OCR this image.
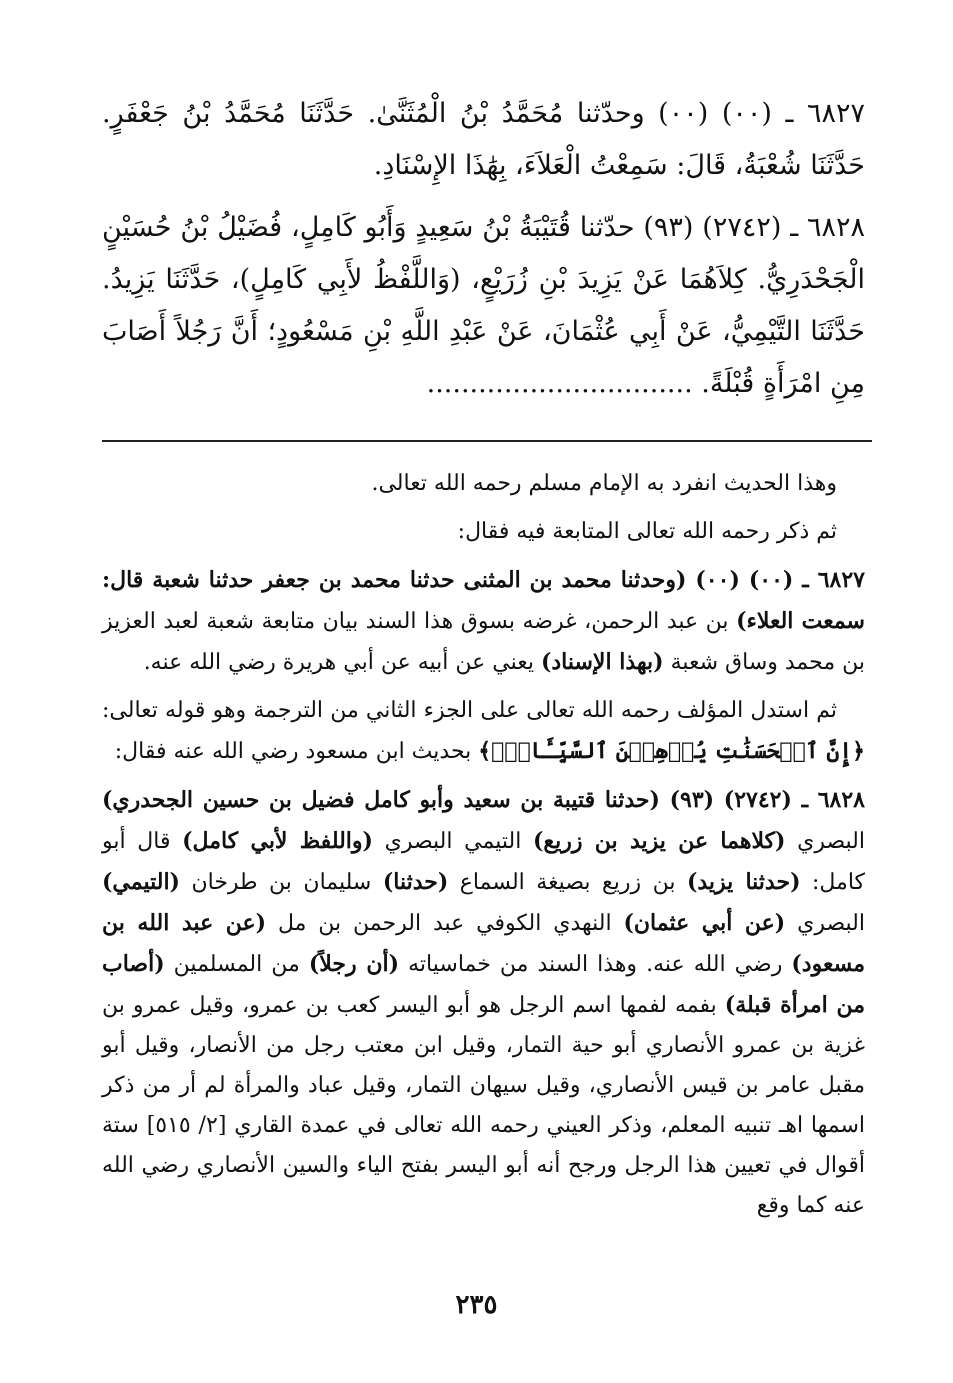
٦٨٢٧ ـ (٠٠) (٠٠) وحدّثنا مُحَمَّدُ بْنُ الْمُثَنَّىٰ. حَدَّثَنَا مُحَمَّدُ بْنُ جَعْفَرٍ. حَدَّثَنَا شُعْبَةُ، قَالَ: سَمِعْتُ الْعَلاَءَ، بِهَٰذَا الإِسْنَادِ.

٦٨٢٨ ـ (٢٧٤٢) (٩٣) حدّثنا قُتَيْبَةُ بْنُ سَعِيدٍ وَأَبُو كَامِلٍ، فُضَيْلُ بْنُ حُسَيْنٍ الْجَحْدَرِيُّ. كِلاَهُمَا عَنْ يَزِيدَ بْنِ زُرَيْعٍ، (وَاللَّفْظُ لأَبِي كَامِلٍ)، حَدَّثَنَا يَزِيدُ. حَدَّثَنَا التَّيْمِيُّ، عَنْ أَبِي عُثْمَانَ، عَنْ عَبْدِ اللَّهِ بْنِ مَسْعُودٍ؛ أَنَّ رَجُلاً أَصَابَ مِنِ امْرَأَةٍ قُبْلَةً. ...............................

وهذا الحديث انفرد به الإمام مسلم رحمه الله تعالى.

ثم ذكر رحمه الله تعالى المتابعة فيه فقال:

٦٨٢٧ ـ (٠٠) (٠٠) (وحدثنا محمد بن المثنى حدثنا محمد بن جعفر حدثنا شعبة قال: سمعت العلاء) بن عبد الرحمن، غرضه بسوق هذا السند بيان متابعة شعبة لعبد العزيز بن محمد وساق شعبة (بهذا الإسناد) يعني عن أبيه عن أبي هريرة رضي الله عنه.

ثم استدل المؤلف رحمه الله تعالى على الجزء الثاني من الترجمة وهو قوله تعالى: ﴿إِنَّ ٱلۡحَسَنَٰتِ يُذۡهِبۡنَ ٱلسَّيِّـَٔاتِۚ﴾ بحديث ابن مسعود رضي الله عنه فقال:

٦٨٢٨ ـ (٢٧٤٢) (٩٣) (حدثنا قتيبة بن سعيد وأبو كامل فضيل بن حسين الجحدري) البصري (كلاهما عن يزيد بن زريع) التيمي البصري (واللفظ لأبي كامل) قال أبو كامل: (حدثنا يزيد) بن زريع بصيغة السماع (حدثنا) سليمان بن طرخان (التيمي) البصري (عن أبي عثمان) النهدي الكوفي عبد الرحمن بن مل (عن عبد الله بن مسعود) رضي الله عنه. وهذا السند من خماسياته (أن رجلاً) من المسلمين (أصاب من امرأة قبلة) بفمه لفمها اسم الرجل هو أبو اليسر كعب بن عمرو، وقيل عمرو بن غزية بن عمرو الأنصاري أبو حية التمار، وقيل ابن معتب رجل من الأنصار، وقيل أبو مقبل عامر بن قيس الأنصاري، وقيل سيهان التمار، وقيل عباد والمرأة لم أر من ذكر اسمها اهـ تنبيه المعلم، وذكر العيني رحمه الله تعالى في عمدة القاري [٢/ ٥١٥] ستة أقوال في تعيين هذا الرجل ورجح أنه أبو اليسر بفتح الياء والسين الأنصاري رضي الله عنه كما وقع

٢٣٥
